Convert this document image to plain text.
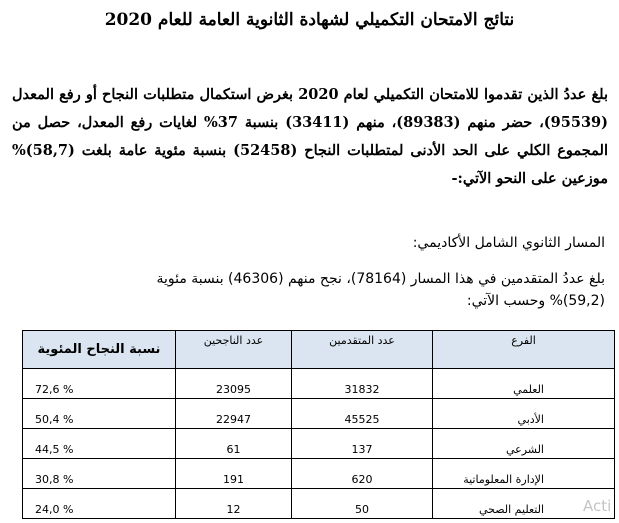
نتائج الامتحان التكميلي لشهادة الثانوية العامة للعام 2020

بلغ عددُ الذين تقدموا للامتحان التكميلي لعام 2020 بغرض استكمال متطلبات النجاح أو رفع المعدل (95539)، حضر منهم (89383)، منهم (33411) بنسبة 37% لغايات رفع المعدل، حصل من المجموع الكلي على الحد الأدنى لمتطلبات النجاح (52458) بنسبة مئوية عامة بلغت (58,7)% موزعين على النحو الآتي:-

المسار الثانوي الشامل الأكاديمي:

بلغ عددُ المتقدمين في هذا المسار (78164)، نجح منهم (46306) بنسبة مئوية (59,2)% وحسب الآتي:

الفرع	عدد المتقدمين	عدد الناجحين	نسبة النجاح المئوية
العلمي	31832	23095	72,6 %
الأدبي	45525	22947	50,4 %
الشرعي	137	61	44,5 %
الإدارة المعلوماتية	620	191	30,8 %
التعليم الصحي	50	12	24,0 %	Acti
